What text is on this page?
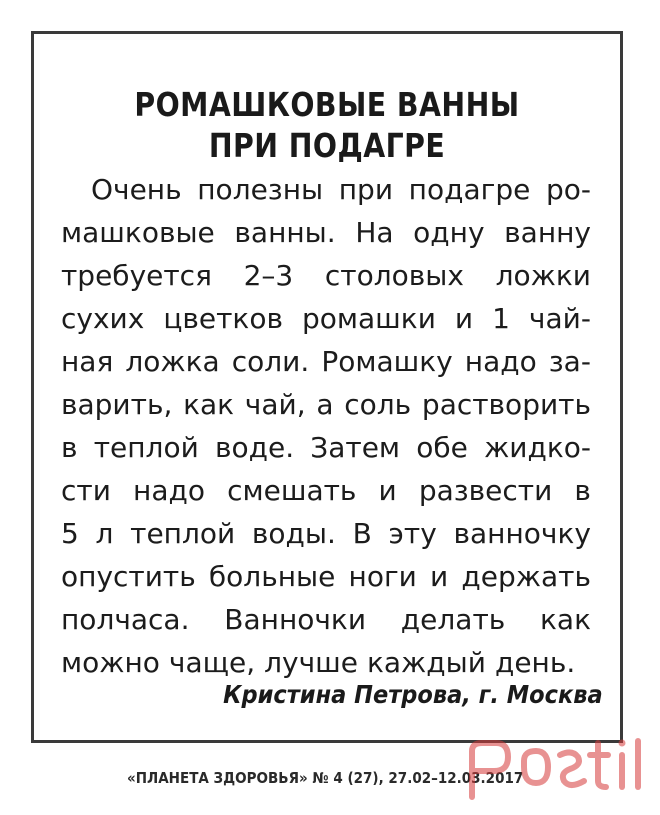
РОМАШКОВЫЕ ВАННЫ
ПРИ ПОДАГРЕ
Очень полезны при подагре ро-
машковые ванны. На одну ванну
требуется 2–3 столовых ложки
сухих цветков ромашки и 1 чай-
ная ложка соли. Ромашку надо за-
варить, как чай, а соль растворить
в теплой воде. Затем обе жидко-
сти надо смешать и развести в
5 л теплой воды. В эту ванночку
опустить больные ноги и держать
полчаса. Ванночки делать как
можно чаще, лучше каждый день.
Кристина Петрова, г. Москва
«ПЛАНЕТА ЗДОРОВЬЯ» № 4 (27), 27.02–12.03.2017
